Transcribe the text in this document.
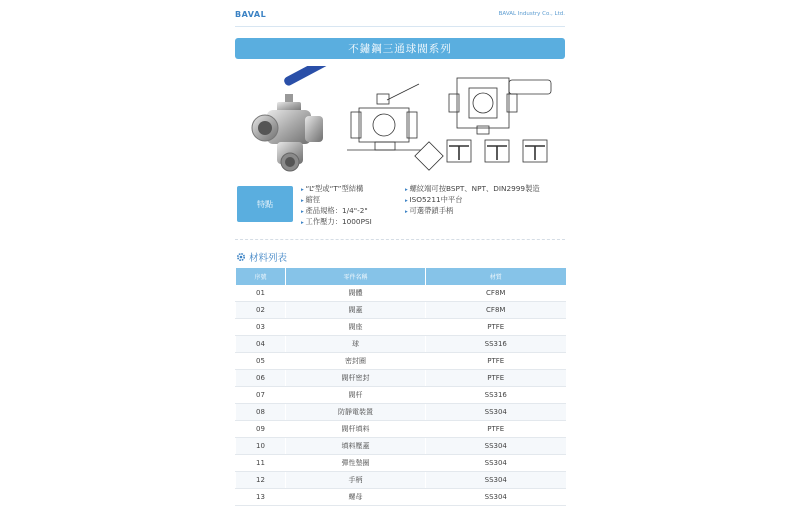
BAVAL	BAVAL Industry Co., Ltd.
不鏽鋼三通球閥系列
特點
▸ “L”型或“T”型結構
▸ 縮徑
▸ 產品規格：1/4"-2"
▸ 工作壓力：1000PSI
▸ 螺紋端可按BSPT、NPT、DIN2999製造
▸ ISO5211中平台
▸ 可選帶鎖手柄
材料列表
序號	零件名稱	材質
01	閥體	CF8M
02	閥蓋	CF8M
03	閥座	PTFE
04	球	SS316
05	密封圈	PTFE
06	閥杆密封	PTFE
07	閥杆	SS316
08	防靜電裝置	SS304
09	閥杆填料	PTFE
10	填料壓蓋	SS304
11	彈性墊圈	SS304
12	手柄	SS304
13	螺母	SS304
